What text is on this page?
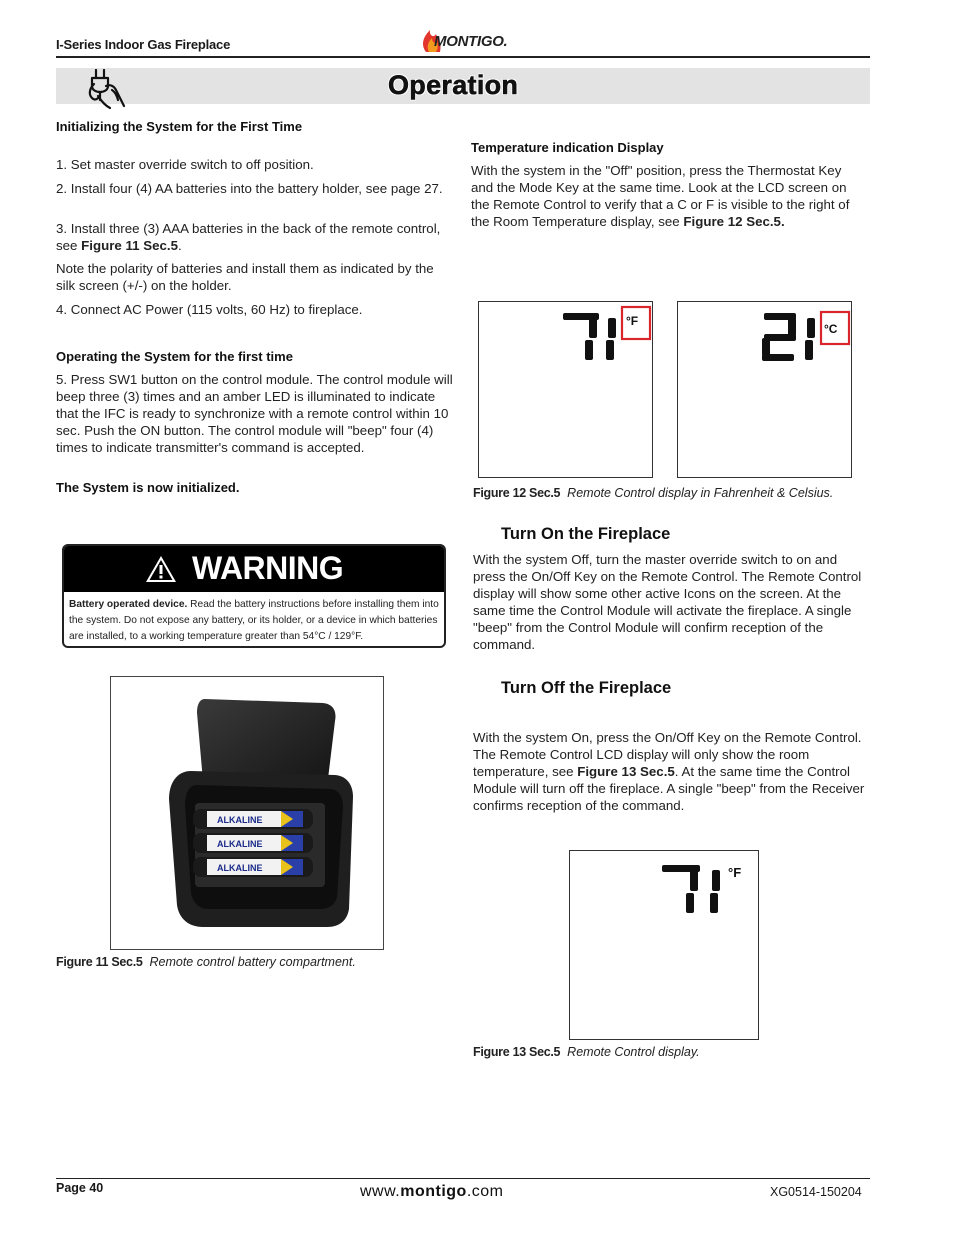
I-Series Indoor Gas Fireplace	MONTIGO.
Operation
Initializing the System for the First Time
1. Set master override switch to off position.
2. Install four (4) AA batteries into the battery holder, see page 27.
3. Install three (3) AAA batteries in the back of the remote control, see Figure 11 Sec.5.
Note the polarity of batteries and install them as indicated by the silk screen (+/-) on the holder.
4. Connect AC Power (115 volts, 60 Hz) to fireplace.
Operating the System for the first time
5. Press SW1 button on the control module. The control module will beep three (3) times and an amber LED is illuminated to indicate that the IFC is ready to synchronize with a remote control within 10 sec. Push the ON button. The control module will "beep" four (4) times to indicate transmitter's command is accepted.
The System is now initialized.
WARNING
Battery operated device. Read the battery instructions before installing them into the system. Do not expose any battery, or its holder, or a device in which batteries are installed, to a working temperature greater than 54°C / 129°F.
ALKALINE
ALKALINE
ALKALINE
Figure 11 Sec.5 Remote control battery compartment.
Temperature indication Display
With the system in the "Off" position, press the Thermostat Key and the Mode Key at the same time. Look at the LCD screen on the Remote Control to verify that a C or F is visible to the right of the Room Temperature display, see Figure 12 Sec.5.
°F
°C
Figure 12 Sec.5 Remote Control display in Fahrenheit & Celsius.
Turn On the Fireplace
With the system Off, turn the master override switch to on and press the On/Off Key on the Remote Control. The Remote Control display will show some other active Icons on the screen. At the same time the Control Module will activate the fireplace. A single "beep" from the Control Module will confirm reception of the command.
Turn Off the Fireplace
With the system On, press the On/Off Key on the Remote Control. The Remote Control LCD display will only show the room temperature, see Figure 13 Sec.5. At the same time the Control Module will turn off the fireplace. A single "beep" from the Receiver confirms reception of the command.
°F
Figure 13 Sec.5 Remote Control display.
Page 40	www.montigo.com	XG0514-150204
